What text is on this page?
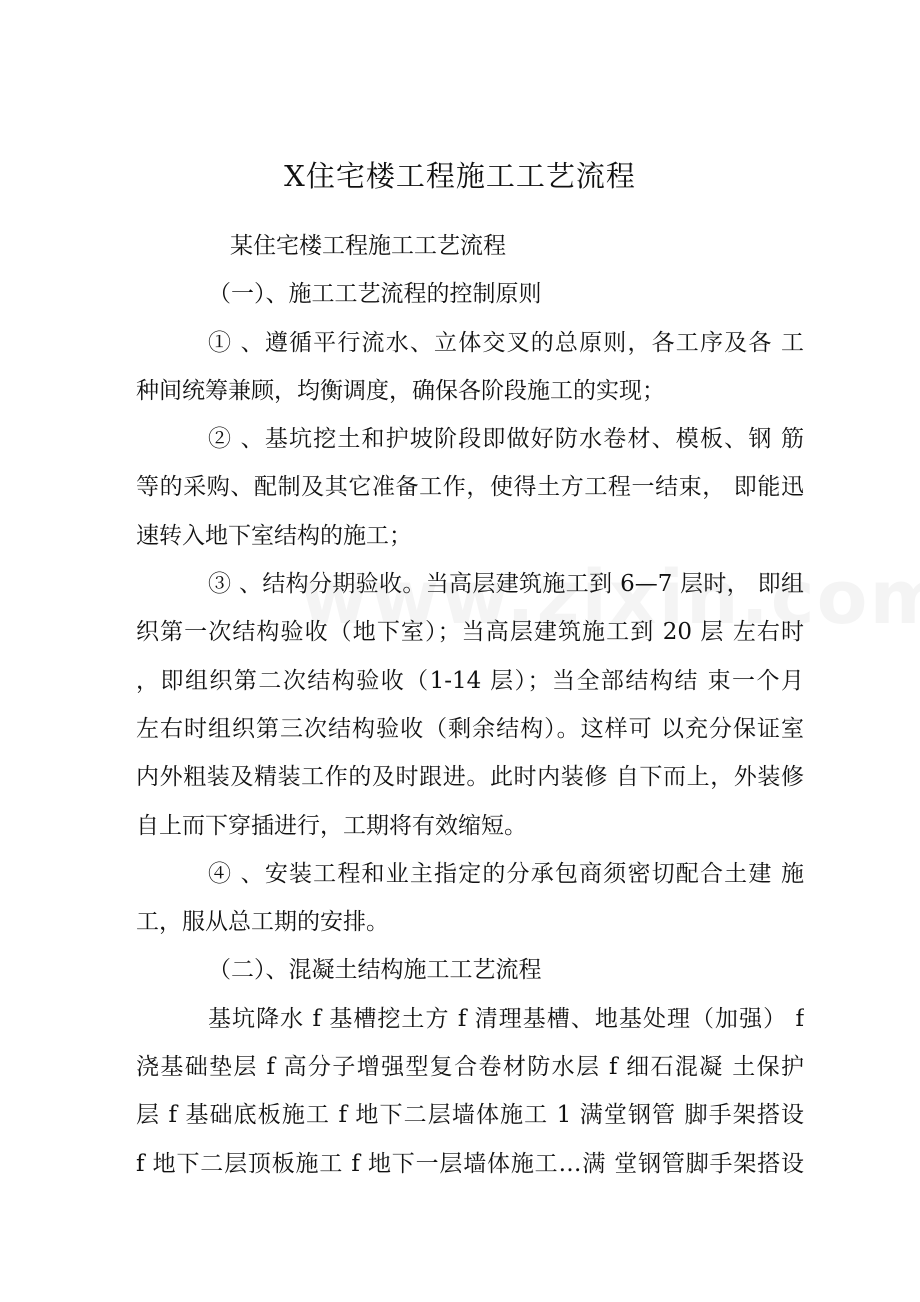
X住宅楼工程施工工艺流程
某住宅楼工程施工工艺流程
（一）、施工工艺流程的控制原则
① 、遵循平行流水、立体交叉的总原则，各工序及各 工
种间统筹兼顾，均衡调度，确保各阶段施工的实现；
② 、基坑挖土和护坡阶段即做好防水卷材、模板、钢 筋
等的采购、配制及其它准备工作，使得土方工程一结束， 即能迅
速转入地下室结构的施工；
③ 、结构分期验收。当高层建筑施工到 6—7 层时， 即组
织第一次结构验收（地下室）；当高层建筑施工到 20 层 左右时
，即组织第二次结构验收（1-14 层）；当全部结构结 束一个月
左右时组织第三次结构验收（剩余结构）。这样可 以充分保证室
内外粗装及精装工作的及时跟进。此时内装修 自下而上，外装修
自上而下穿插进行，工期将有效缩短。
④ 、安装工程和业主指定的分承包商须密切配合土建 施
工，服从总工期的安排。
（二）、混凝土结构施工工艺流程
基坑降水 f 基槽挖土方 f 清理基槽、地基处理（加强） f
浇基础垫层 f 高分子增强型复合卷材防水层 f 细石混凝 土保护
层 f 基础底板施工 f 地下二层墙体施工 1 满堂钢管 脚手架搭设
f 地下二层顶板施工 f 地下一层墙体施工…满 堂钢管脚手架搭设
